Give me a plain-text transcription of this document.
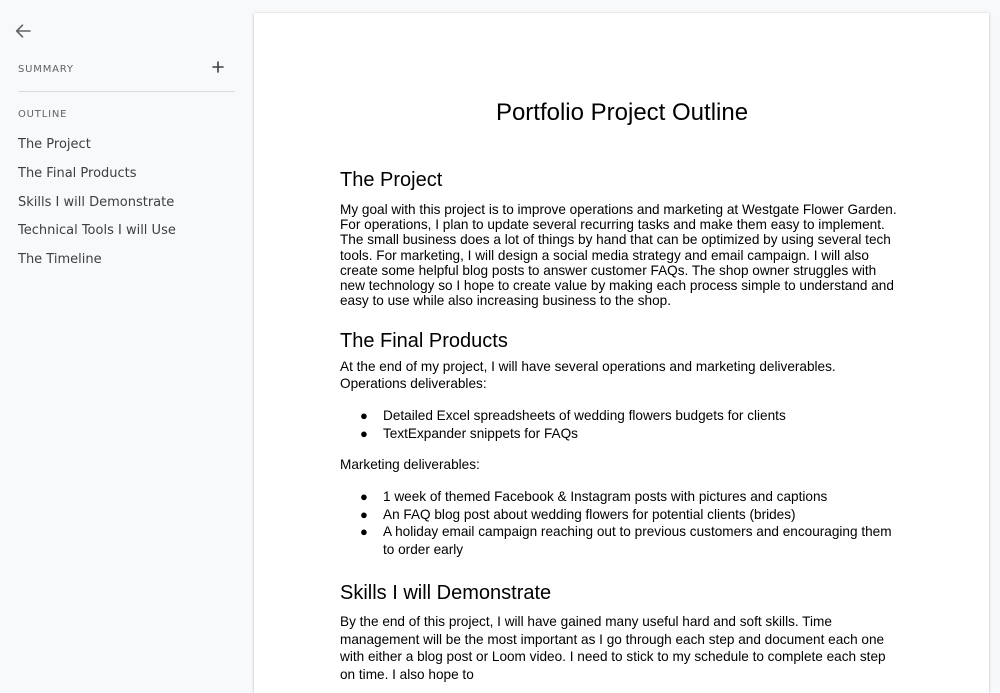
SUMMARY
OUTLINE
The Project
The Final Products
Skills I will Demonstrate
Technical Tools I will Use
The Timeline
Portfolio Project Outline
The Project

My goal with this project is to improve operations and marketing at Westgate Flower Garden. For operations, I plan to update several recurring tasks and make them easy to implement. The small business does a lot of things by hand that can be optimized by using several tech tools. For marketing, I will design a social media strategy and email campaign. I will also create some helpful blog posts to answer customer FAQs. The shop owner struggles with new technology so I hope to create value by making each process simple to understand and easy to use while also increasing business to the shop.

The Final Products

At the end of my project, I will have several operations and marketing deliverables.

Operations deliverables:

● Detailed Excel spreadsheets of wedding flowers budgets for clients
● TextExpander snippets for FAQs

Marketing deliverables:

● 1 week of themed Facebook & Instagram posts with pictures and captions
● An FAQ blog post about wedding flowers for potential clients (brides)
● A holiday email campaign reaching out to previous customers and encouraging them to order early
Skills I will Demonstrate

By the end of this project, I will have gained many useful hard and soft skills. Time management will be the most important as I go through each step and document each one with either a blog post or Loom video. I need to stick to my schedule to complete each step on time. I also hope to
